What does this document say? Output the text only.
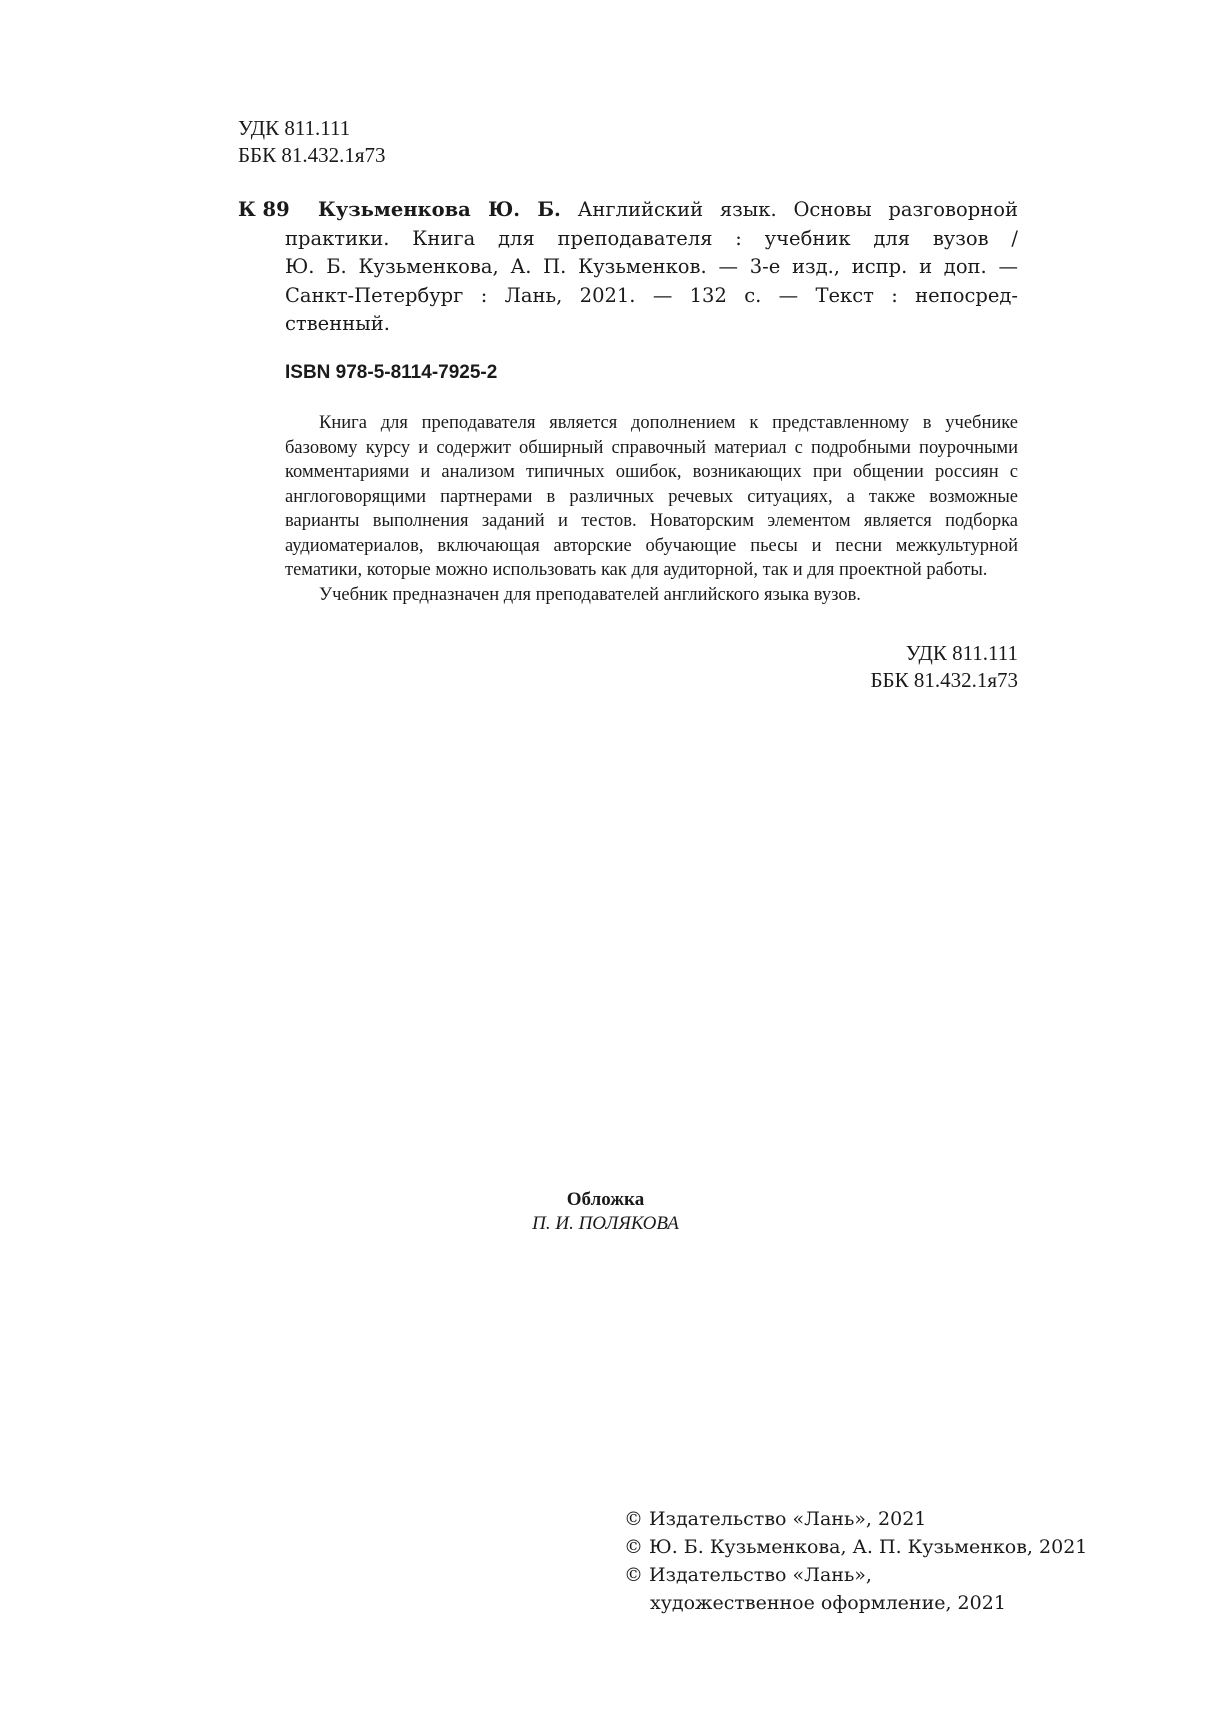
УДК 811.111
ББК 81.432.1я73
К 89 Кузьменкова Ю. Б. Английский язык. Основы разговорной
практики. Книга для преподавателя : учебник для вузов /
Ю. Б. Кузьменкова, А. П. Кузьменков. — 3-е изд., испр. и доп. —
Санкт-Петербург : Лань, 2021. — 132 с. — Текст : непосред-
ственный.
ISBN 978-5-8114-7925-2

Книга для преподавателя является дополнением к представленному в учебнике базовому курсу и содержит обширный справочный материал с подробными поурочными комментариями и анализом типичных ошибок, возникающих при общении россиян с англоговорящими партнерами в различных речевых ситуациях, а также возможные варианты выполнения заданий и тестов. Новаторским элементом является подборка аудиоматериалов, включающая авторские обучающие пьесы и песни межкультурной тематики, которые можно использовать как для аудиторной, так и для проектной работы.

Учебник предназначен для преподавателей английского языка вузов.

УДК 811.111
ББК 81.432.1я73
Обложка
П. И. ПОЛЯКОВА
© Издательство «Лань», 2021
© Ю. Б. Кузьменкова, А. П. Кузьменков, 2021
© Издательство «Лань»,
художественное оформление, 2021
